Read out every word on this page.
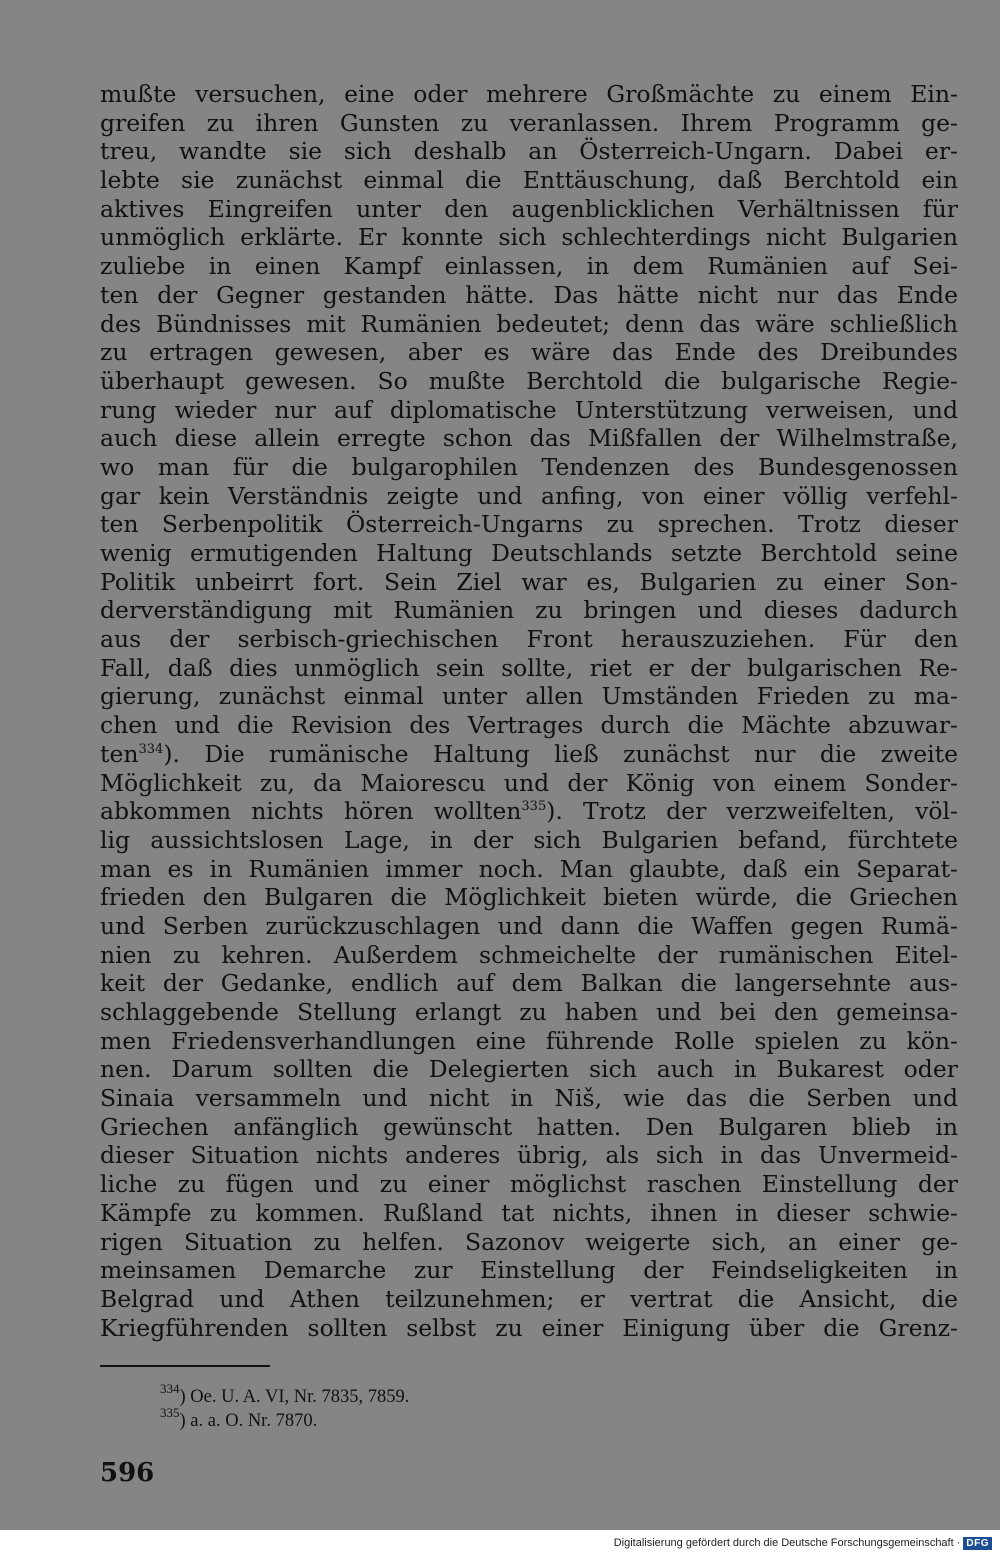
mußte versuchen, eine oder mehrere Großmächte zu einem Ein-
greifen zu ihren Gunsten zu veranlassen. Ihrem Programm ge-
treu, wandte sie sich deshalb an Österreich-Ungarn. Dabei er-
lebte sie zunächst einmal die Enttäuschung, daß Berchtold ein
aktives Eingreifen unter den augenblicklichen Verhältnissen für
unmöglich erklärte. Er konnte sich schlechterdings nicht Bulgarien
zuliebe in einen Kampf einlassen, in dem Rumänien auf Sei-
ten der Gegner gestanden hätte. Das hätte nicht nur das Ende
des Bündnisses mit Rumänien bedeutet; denn das wäre schließlich
zu ertragen gewesen, aber es wäre das Ende des Dreibundes
überhaupt gewesen. So mußte Berchtold die bulgarische Regie-
rung wieder nur auf diplomatische Unterstützung verweisen, und
auch diese allein erregte schon das Mißfallen der Wilhelmstraße,
wo man für die bulgarophilen Tendenzen des Bundesgenossen
gar kein Verständnis zeigte und anfing, von einer völlig verfehl-
ten Serbenpolitik Österreich-Ungarns zu sprechen. Trotz dieser
wenig ermutigenden Haltung Deutschlands setzte Berchtold seine
Politik unbeirrt fort. Sein Ziel war es, Bulgarien zu einer Son-
derverständigung mit Rumänien zu bringen und dieses dadurch
aus der serbisch-griechischen Front herauszuziehen. Für den
Fall, daß dies unmöglich sein sollte, riet er der bulgarischen Re-
gierung, zunächst einmal unter allen Umständen Frieden zu ma-
chen und die Revision des Vertrages durch die Mächte abzuwar-
ten$^{334}$). Die rumänische Haltung ließ zunächst nur die zweite
Möglichkeit zu, da Maiorescu und der König von einem Sonder-
abkommen nichts hören wollten$^{335}$). Trotz der verzweifelten, völ-
lig aussichtslosen Lage, in der sich Bulgarien befand, fürchtete
man es in Rumänien immer noch. Man glaubte, daß ein Separat-
frieden den Bulgaren die Möglichkeit bieten würde, die Griechen
und Serben zurückzuschlagen und dann die Waffen gegen Rumä-
nien zu kehren. Außerdem schmeichelte der rumänischen Eitel-
keit der Gedanke, endlich auf dem Balkan die langersehnte aus-
schlaggebende Stellung erlangt zu haben und bei den gemeinsa-
men Friedensverhandlungen eine führende Rolle spielen zu kön-
nen. Darum sollten die Delegierten sich auch in Bukarest oder
Sinaia versammeln und nicht in Niš, wie das die Serben und
Griechen anfänglich gewünscht hatten. Den Bulgaren blieb in
dieser Situation nichts anderes übrig, als sich in das Unvermeid-
liche zu fügen und zu einer möglichst raschen Einstellung der
Kämpfe zu kommen. Rußland tat nichts, ihnen in dieser schwie-
rigen Situation zu helfen. Sazonov weigerte sich, an einer ge-
meinsamen Demarche zur Einstellung der Feindseligkeiten in
Belgrad und Athen teilzunehmen; er vertrat die Ansicht, die
Kriegführenden sollten selbst zu einer Einigung über die Grenz-
$^{334}$) Oe. U. A. VI, Nr. 7835, 7859.
$^{335}$) a. a. O. Nr. 7870.
596
Digitalisierung gefördert durch die Deutsche Forschungsgemeinschaft · DFG
